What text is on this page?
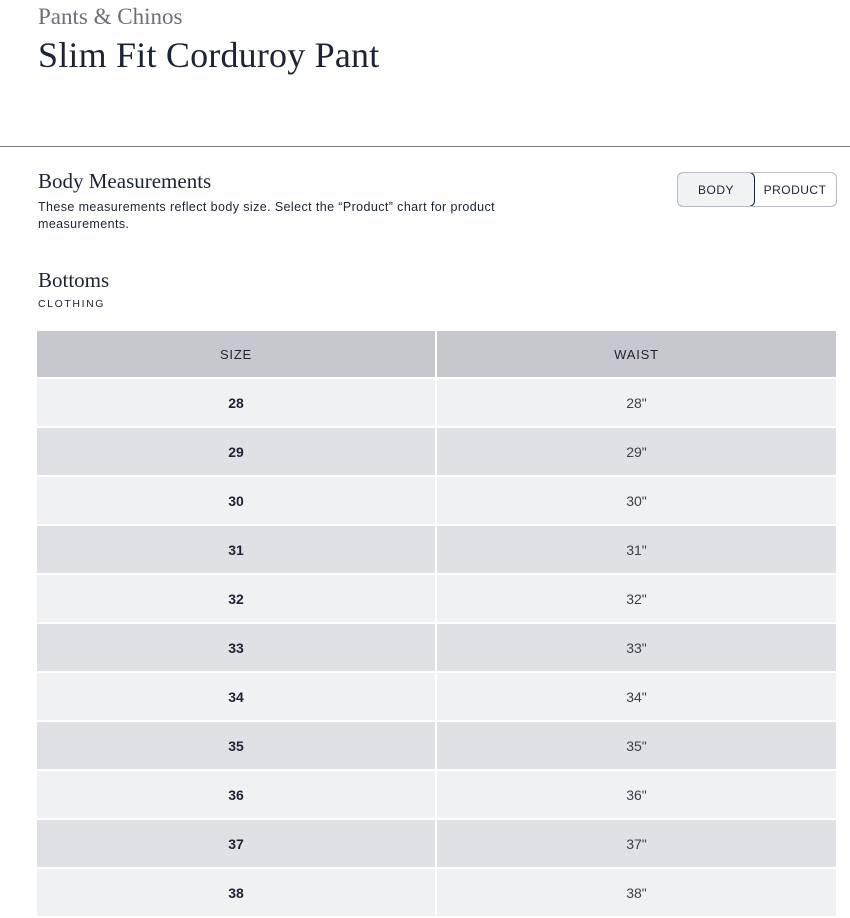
Pants & Chinos
Slim Fit Corduroy Pant
Body Measurements
These measurements reflect body size. Select the “Product” chart for product measurements.
BODY	PRODUCT
Bottoms
CLOTHING
SIZE	WAIST
28	28"
29	29"
30	30"
31	31"
32	32"
33	33"
34	34"
35	35"
36	36"
37	37"
38	38"
